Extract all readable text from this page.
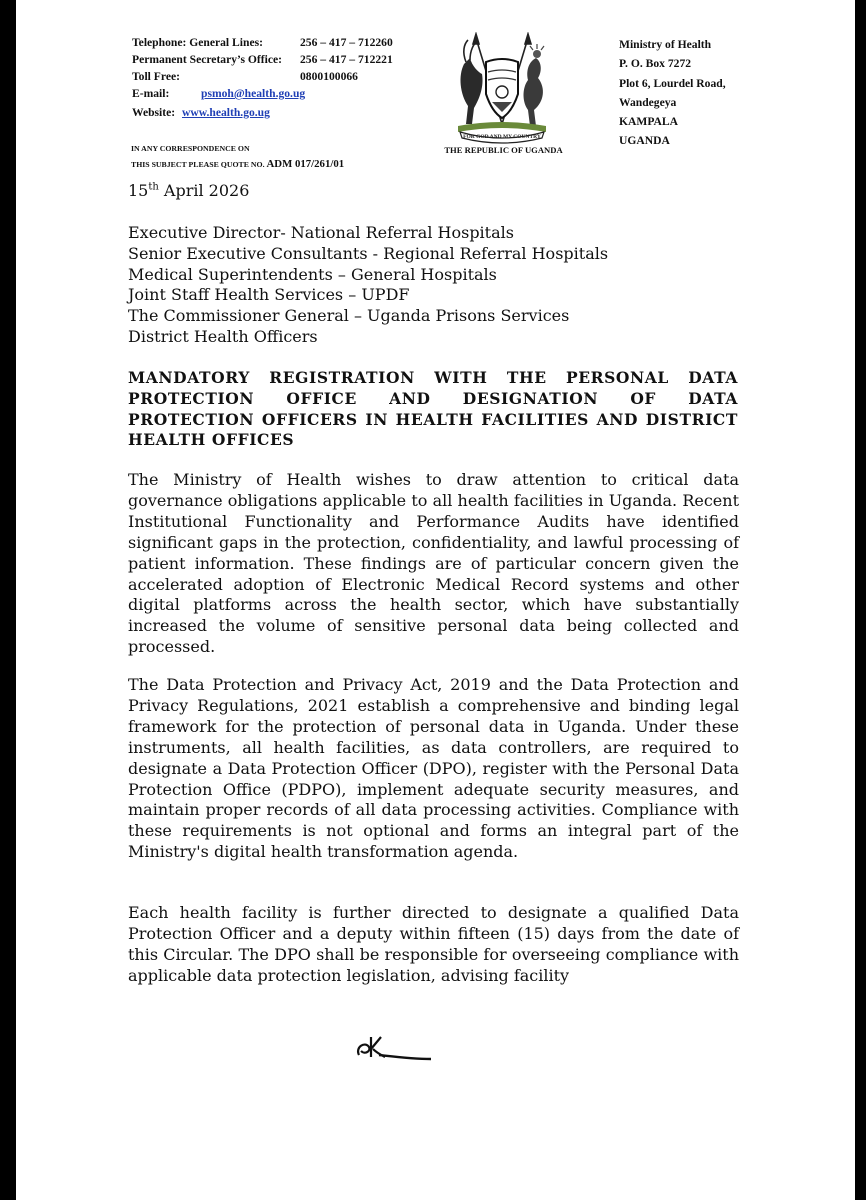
Telephone: General Lines:	256 – 417 – 712260
Permanent Secretary’s Office: 256 – 417 – 712221
Toll Free:	0800100066
E-mail:	psmoh@health.go.ug
Website: www.health.go.ug
FOR GOD AND MY COUNTRY
THE REPUBLIC OF UGANDA
Ministry of Health
P. O. Box 7272
Plot 6, Lourdel Road,
Wandegeya
KAMPALA
UGANDA
IN ANY CORRESPONDENCE ON
THIS SUBJECT PLEASE QUOTE NO. ADM 017/261/01
15th April 2026
Executive Director- National Referral Hospitals
Senior Executive Consultants - Regional Referral Hospitals
Medical Superintendents – General Hospitals
Joint Staff Health Services – UPDF
The Commissioner General – Uganda Prisons Services
District Health Officers
MANDATORY REGISTRATION WITH THE PERSONAL DATA PROTECTION OFFICE AND DESIGNATION OF DATA PROTECTION OFFICERS IN HEALTH FACILITIES AND DISTRICT HEALTH OFFICES
The Ministry of Health wishes to draw attention to critical data governance obligations applicable to all health facilities in Uganda. Recent Institutional Functionality and Performance Audits have identified significant gaps in the protection, confidentiality, and lawful processing of patient information. These findings are of particular concern given the accelerated adoption of Electronic Medical Record systems and other digital platforms across the health sector, which have substantially increased the volume of sensitive personal data being collected and processed.
The Data Protection and Privacy Act, 2019 and the Data Protection and Privacy Regulations, 2021 establish a comprehensive and binding legal framework for the protection of personal data in Uganda. Under these instruments, all health facilities, as data controllers, are required to designate a Data Protection Officer (DPO), register with the Personal Data Protection Office (PDPO), implement adequate security measures, and maintain proper records of all data processing activities. Compliance with these requirements is not optional and forms an integral part of the Ministry's digital health transformation agenda.
Each health facility is further directed to designate a qualified Data Protection Officer and a deputy within fifteen (15) days from the date of this Circular. The DPO shall be responsible for overseeing compliance with applicable data protection legislation, advising facility
